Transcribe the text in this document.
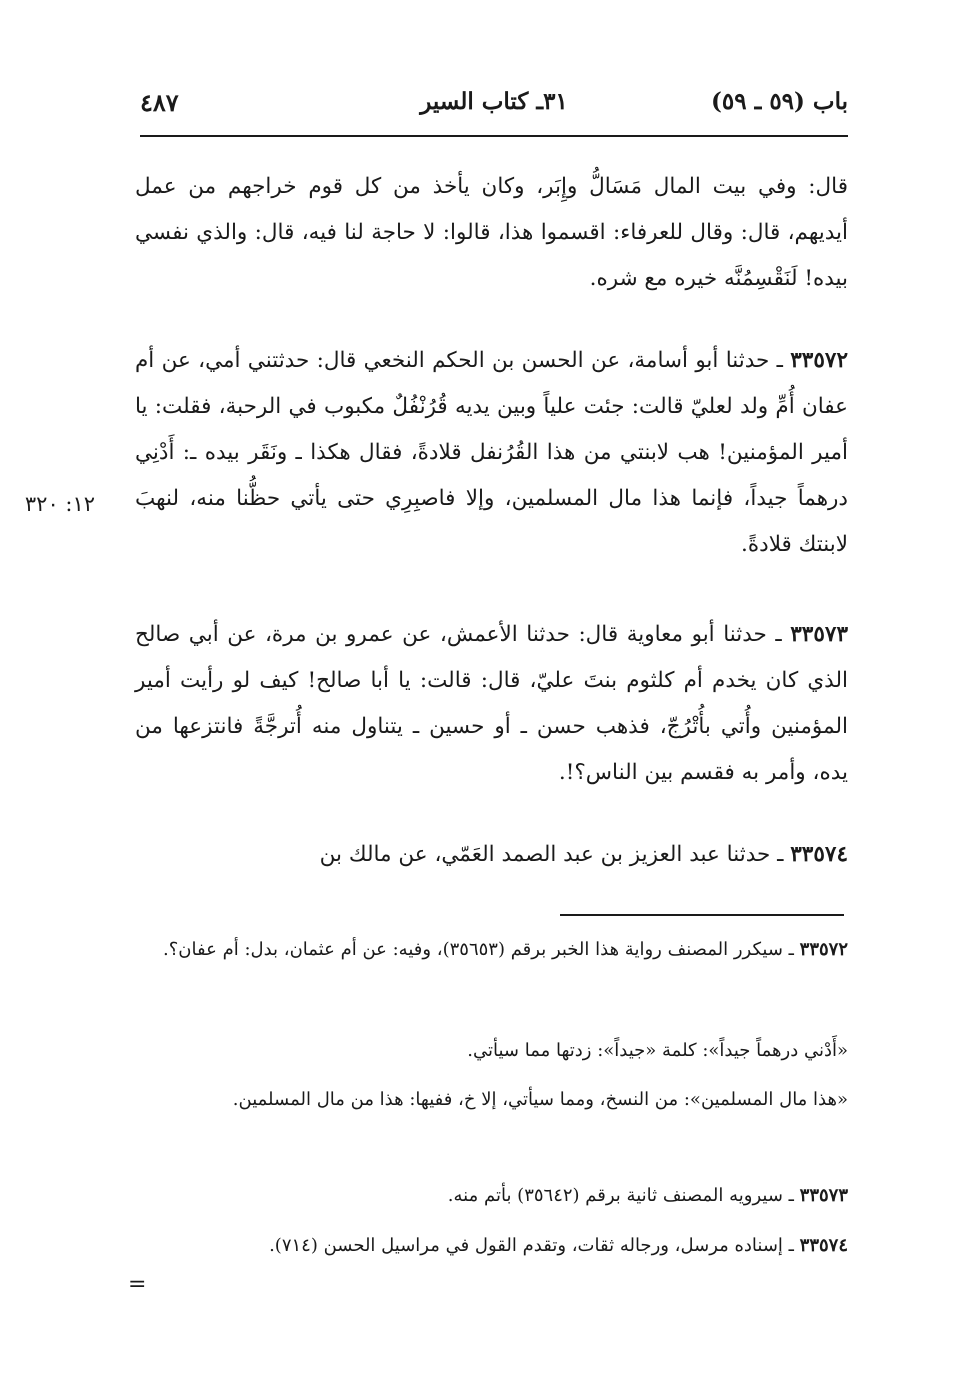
باب (٥٩ ـ ٥٩)
٣١ـ كتاب السير
٤٨٧
قال: وفي بيت المال مَسَالُّ وإِبَر، وكان يأخذ من كل قوم خراجهم من عمل أيديهم، قال: وقال للعرفاء: اقسموا هذا، قالوا: لا حاجة لنا فيه، قال: والذي نفسي بيده! لَنَقْسِمُنَّه خيره مع شره.
٣٣٥٧٢ ـ حدثنا أبو أسامة، عن الحسن بن الحكم النخعي قال: حدثتني أمي، عن أم عفان أُمِّ ولد لعليّ قالت: جئت علياً وبين يديه قُرُنْفُلٌ مكبوب في الرحبة، فقلت: يا أمير المؤمنين! هب لابنتي من هذا القُرُنفل قلادةً، فقال هكذا ـ ونَقَر بيده ـ: أَدْنِي درهماً جيداً، فإنما هذا مال المسلمين، وإلا فاصبِرِي حتى يأتي حظُّنا منه، لنهبَ لابنتك قلادةً.
١٢: ٣٢٠
٣٣٥٧٣ ـ حدثنا أبو معاوية قال: حدثنا الأعمش، عن عمرو بن مرة، عن أبي صالح الذي كان يخدم أم كلثوم بنتَ عليّ، قال: قالت: يا أبا صالح! كيف لو رأيت أمير المؤمنين وأُتي بأُتْرُجّ، فذهب حسن ـ أو حسين ـ يتناول منه أُترجَّةً فانتزعها من يده، وأمر به فقسم بين الناس؟!.
٣٣٥٧٤ ـ حدثنا عبد العزيز بن عبد الصمد العَمّي، عن مالك بن
٣٣٥٧٢ ـ سيكرر المصنف رواية هذا الخبر برقم (٣٥٦٥٣)، وفيه: عن أم عثمان، بدل: أم عفان؟.
«أَدْني درهماً جيداً»: كلمة «جيداً»: زدتها مما سيأتي.
«هذا مال المسلمين»: من النسخ، ومما سيأتي، إلا خ، ففيها: هذا من مال المسلمين.
٣٣٥٧٣ ـ سيرويه المصنف ثانية برقم (٣٥٦٤٢) بأتم منه.
٣٣٥٧٤ ـ إسناده مرسل، ورجاله ثقات، وتقدم القول في مراسيل الحسن (٧١٤).
=
